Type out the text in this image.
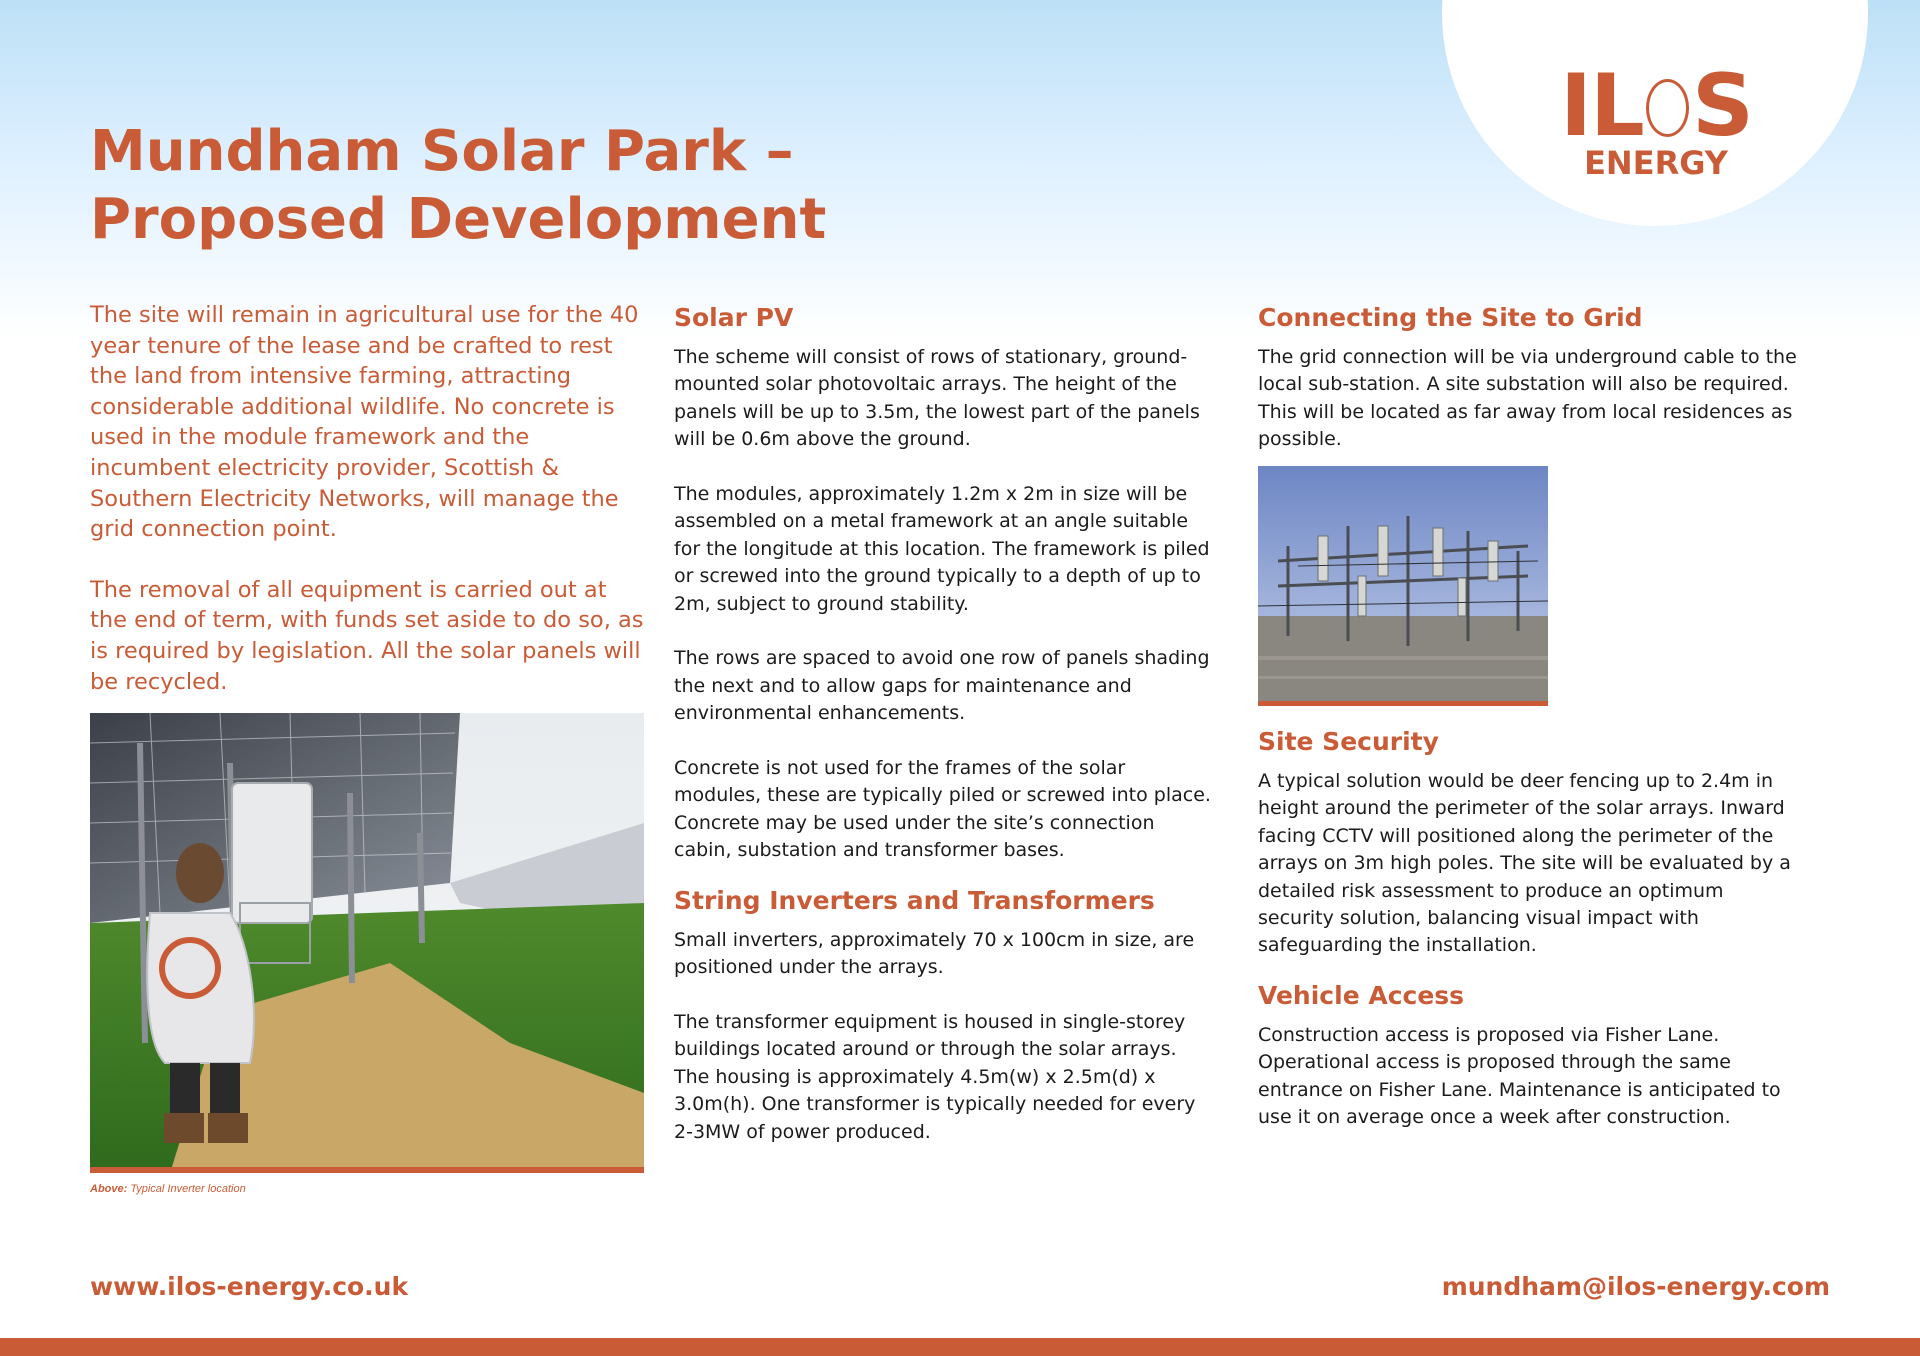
IL S
ENERGY
Mundham Solar Park –
Proposed Development

The site will remain in agricultural use for the 40 year tenure of the lease and be crafted to rest the land from intensive farming, attracting considerable additional wildlife. No concrete is used in the module framework and the incumbent electricity provider, Scottish & Southern Electricity Networks, will manage the grid connection point.

The removal of all equipment is carried out at the end of term, with funds set aside to do so, as is required by legislation. All the solar panels will be recycled.

Above: Typical Inverter location
Solar PV

The scheme will consist of rows of stationary, ground-mounted solar photovoltaic arrays. The height of the panels will be up to 3.5m, the lowest part of the panels will be 0.6m above the ground.

The modules, approximately 1.2m x 2m in size will be assembled on a metal framework at an angle suitable for the longitude at this location. The framework is piled or screwed into the ground typically to a depth of up to 2m, subject to ground stability.

The rows are spaced to avoid one row of panels shading the next and to allow gaps for maintenance and environmental enhancements.

Concrete is not used for the frames of the solar modules, these are typically piled or screwed into place. Concrete may be used under the site’s connection cabin, substation and transformer bases.

String Inverters and Transformers

Small inverters, approximately 70 x 100cm in size, are positioned under the arrays.

The transformer equipment is housed in single-storey buildings located around or through the solar arrays. The housing is approximately 4.5m(w) x 2.5m(d) x 3.0m(h). One transformer is typically needed for every 2-3MW of power produced.

Connecting the Site to Grid

The grid connection will be via underground cable to the local sub-station. A site substation will also be required. This will be located as far away from local residences as possible.

Site Security

A typical solution would be deer fencing up to 2.4m in height around the perimeter of the solar arrays. Inward facing CCTV will positioned along the perimeter of the arrays on 3m high poles. The site will be evaluated by a detailed risk assessment to produce an optimum security solution, balancing visual impact with safeguarding the installation.

Vehicle Access

Construction access is proposed via Fisher Lane. Operational access is proposed through the same entrance on Fisher Lane. Maintenance is anticipated to use it on average once a week after construction.

www.ilos-energy.co.uk	mundham@ilos-energy.com
